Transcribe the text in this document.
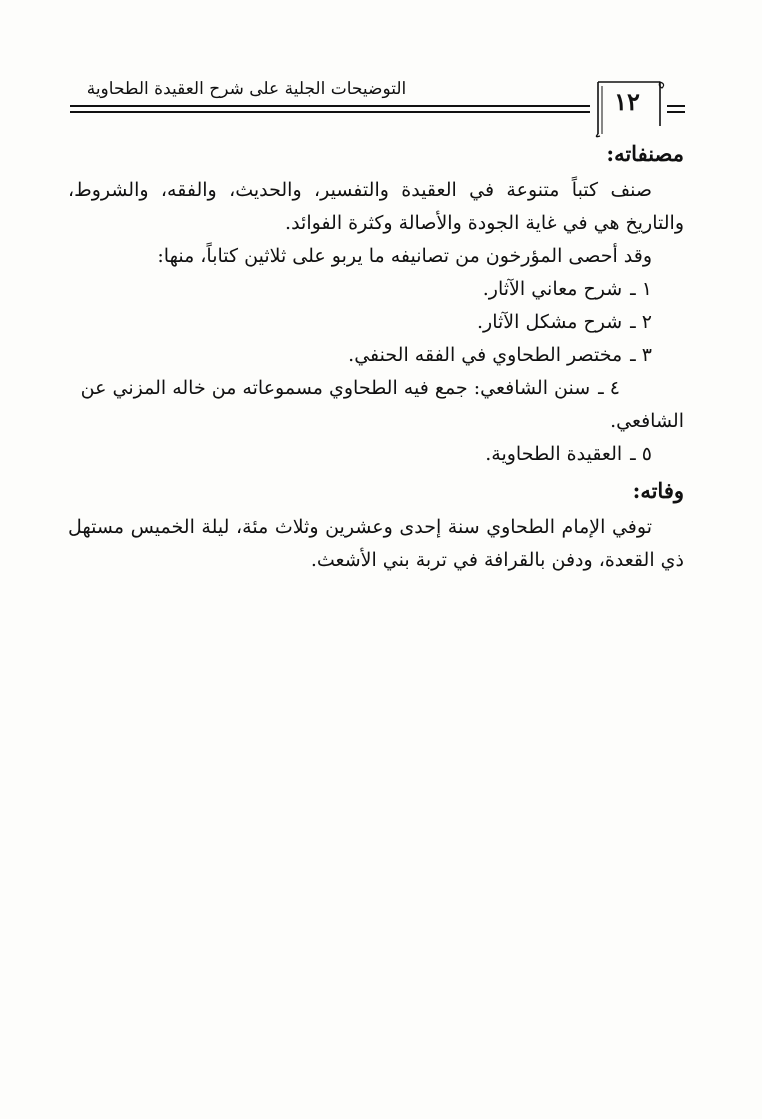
التوضيحات الجلية على شرح العقيدة الطحاوية	١٢
مصنفاته:

صنف كتباً متنوعة في العقيدة والتفسير، والحديث، والفقه، والشروط، والتاريخ هي في غاية الجودة والأصالة وكثرة الفوائد.

وقد أحصى المؤرخون من تصانيفه ما يربو على ثلاثين كتاباً، منها:

١ ـشرح معاني الآثار.
٢ ـشرح مشكل الآثار.
٣ ـمختصر الطحاوي في الفقه الحنفي.
٤ ـسنن الشافعي: جمع فيه الطحاوي مسموعاته من خاله المزني عن الشافعي.
٥ ـالعقيدة الطحاوية.
وفاته:

توفي الإمام الطحاوي سنة إحدى وعشرين وثلاث مئة، ليلة الخميس مستهل ذي القعدة، ودفن بالقرافة في تربة بني الأشعث.
